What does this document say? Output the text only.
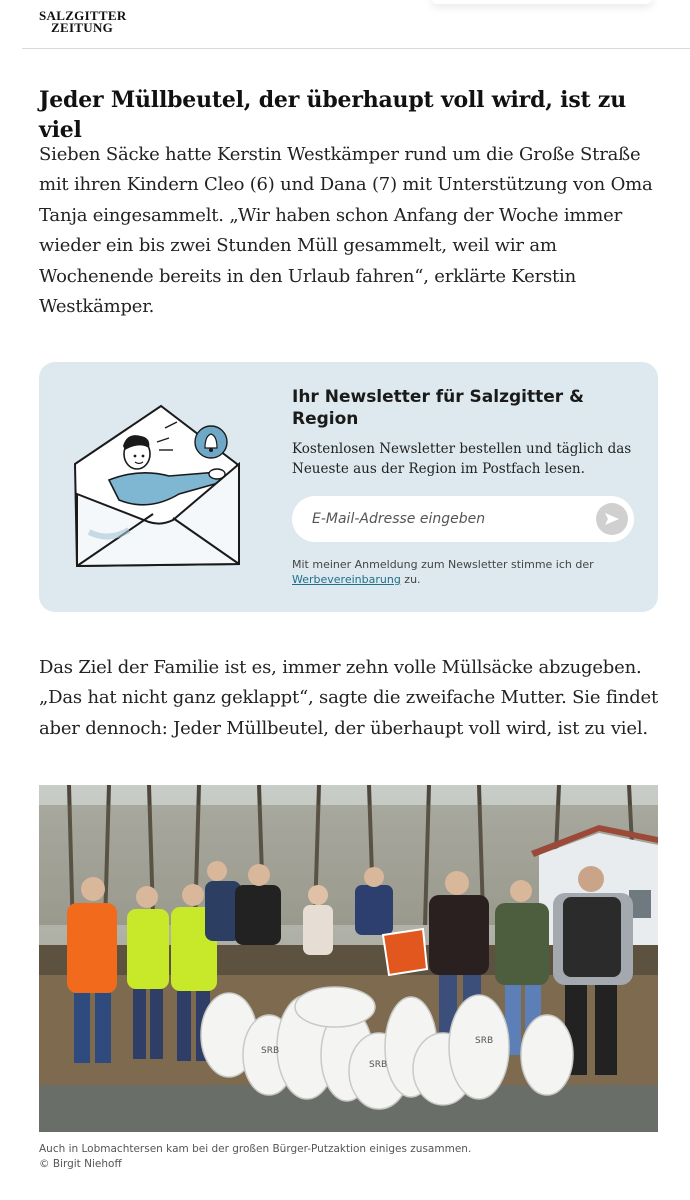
SALZGITTER
ZEITUNG
Jeder Müllbeutel, der überhaupt voll wird, ist zu viel

Sieben Säcke hatte Kerstin Westkämper rund um die Große Straße mit ihren Kindern Cleo (6) und Dana (7) mit Unterstützung von Oma Tanja eingesammelt. „Wir haben schon Anfang der Woche immer wieder ein bis zwei Stunden Müll gesammelt, weil wir am Wochenende bereits in den Urlaub fahren“, erklärte Kerstin Westkämper.

Ihr Newsletter für Salzgitter & Region

Kostenlosen Newsletter bestellen und täglich das Neueste aus der Region im Postfach lesen.

E-Mail-Adresse eingeben

Mit meiner Anmeldung zum Newsletter stimme ich der
Werbevereinbarung zu.

Das Ziel der Familie ist es, immer zehn volle Müllsäcke abzugeben. „Das hat nicht ganz geklappt“, sagte die zweifache Mutter. Sie findet aber dennoch: Jeder Müllbeutel, der überhaupt voll wird, ist zu viel.

SRB
SRB
SRB

Auch in Lobmachtersen kam bei der großen Bürger-Putzaktion einiges zusammen.
© Birgit Niehoff
